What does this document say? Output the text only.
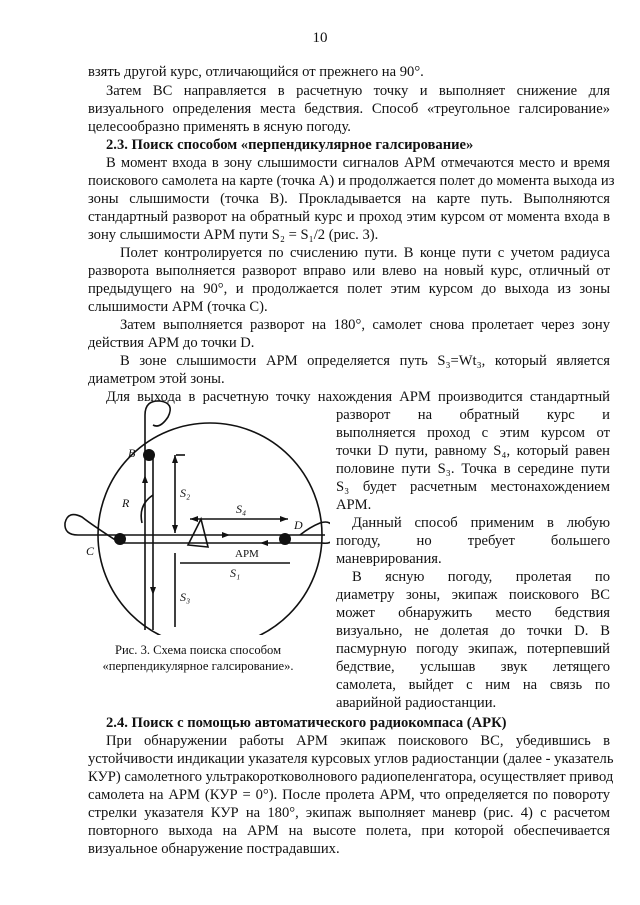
10
взять другой курс, отличающийся от прежнего на 90°.
Затем ВС направляется в расчетную точку и выполняет снижение для
визуального определения места бедствия. Способ «треугольное галсирование»
целесообразно применять в ясную погоду.
2.3. Поиск способом «перпендикулярное галсирование»
В момент входа в зону слышимости сигналов АРМ отмечаются место и время
поискового самолета на карте (точка A) и продолжается полет до момента выхода из
зоны слышимости (точка B). Прокладывается на карте путь. Выполняются
стандартный разворот на обратный курс и проход этим курсом от момента входа в
зону слышимости АРМ пути S₂ = S₁/2 (рис. 3).
Полет контролируется по счислению пути. В конце пути с учетом радиуса
разворота выполняется разворот вправо или влево на новый курс, отличный от
предыдущего на 90°, и продолжается полет этим курсом до выхода из зоны
слышимости АРМ (точка C).
Затем выполняется разворот на 180°, самолет снова пролетает через зону
действия АРМ до точки D.
В зоне слышимости АРМ определяется путь S₃=Wt₃, который является
диаметром этой зоны.
Для выхода в расчетную точку нахождения АРМ производится стандартный
разворот на обратный курс и
выполняется проход с этим курсом от
точки D пути, равному S₄, который равен
половине пути S₃. Точка в середине пути
S₃ будет расчетным местонахождением
АРМ.
Данный способ применим в любую
погоду, но требует большего
маневрирования.
В ясную погоду, пролетая по
диаметру зоны, экипаж поискового ВС
может обнаружить место бедствия
визуально, не долетая до точки D. В
пасмурную погоду экипаж, потерпевший
бедствие, услышав звук летящего
самолета, выйдет с ним на связь по
аварийной радиостанции.
B
C
D
R
S₂
S₃
S₄
S₁
АРМ
Рис. 3. Схема поиска способом
«перпендикулярное галсирование».
2.4. Поиск с помощью автоматического радиокомпаса (АРК)
При обнаружении работы АРМ экипаж поискового ВС, убедившись в
устойчивости индикации указателя курсовых углов радиостанции (далее - указатель
КУР) самолетного ультракоротковолнового радиопеленгатора, осуществляет привод
самолета на АРМ (КУР = 0°). После пролета АРМ, что определяется по повороту
стрелки указателя КУР на 180°, экипаж выполняет маневр (рис. 4) с расчетом
повторного выхода на АРМ на высоте полета, при которой обеспечивается
визуальное обнаружение пострадавших.
